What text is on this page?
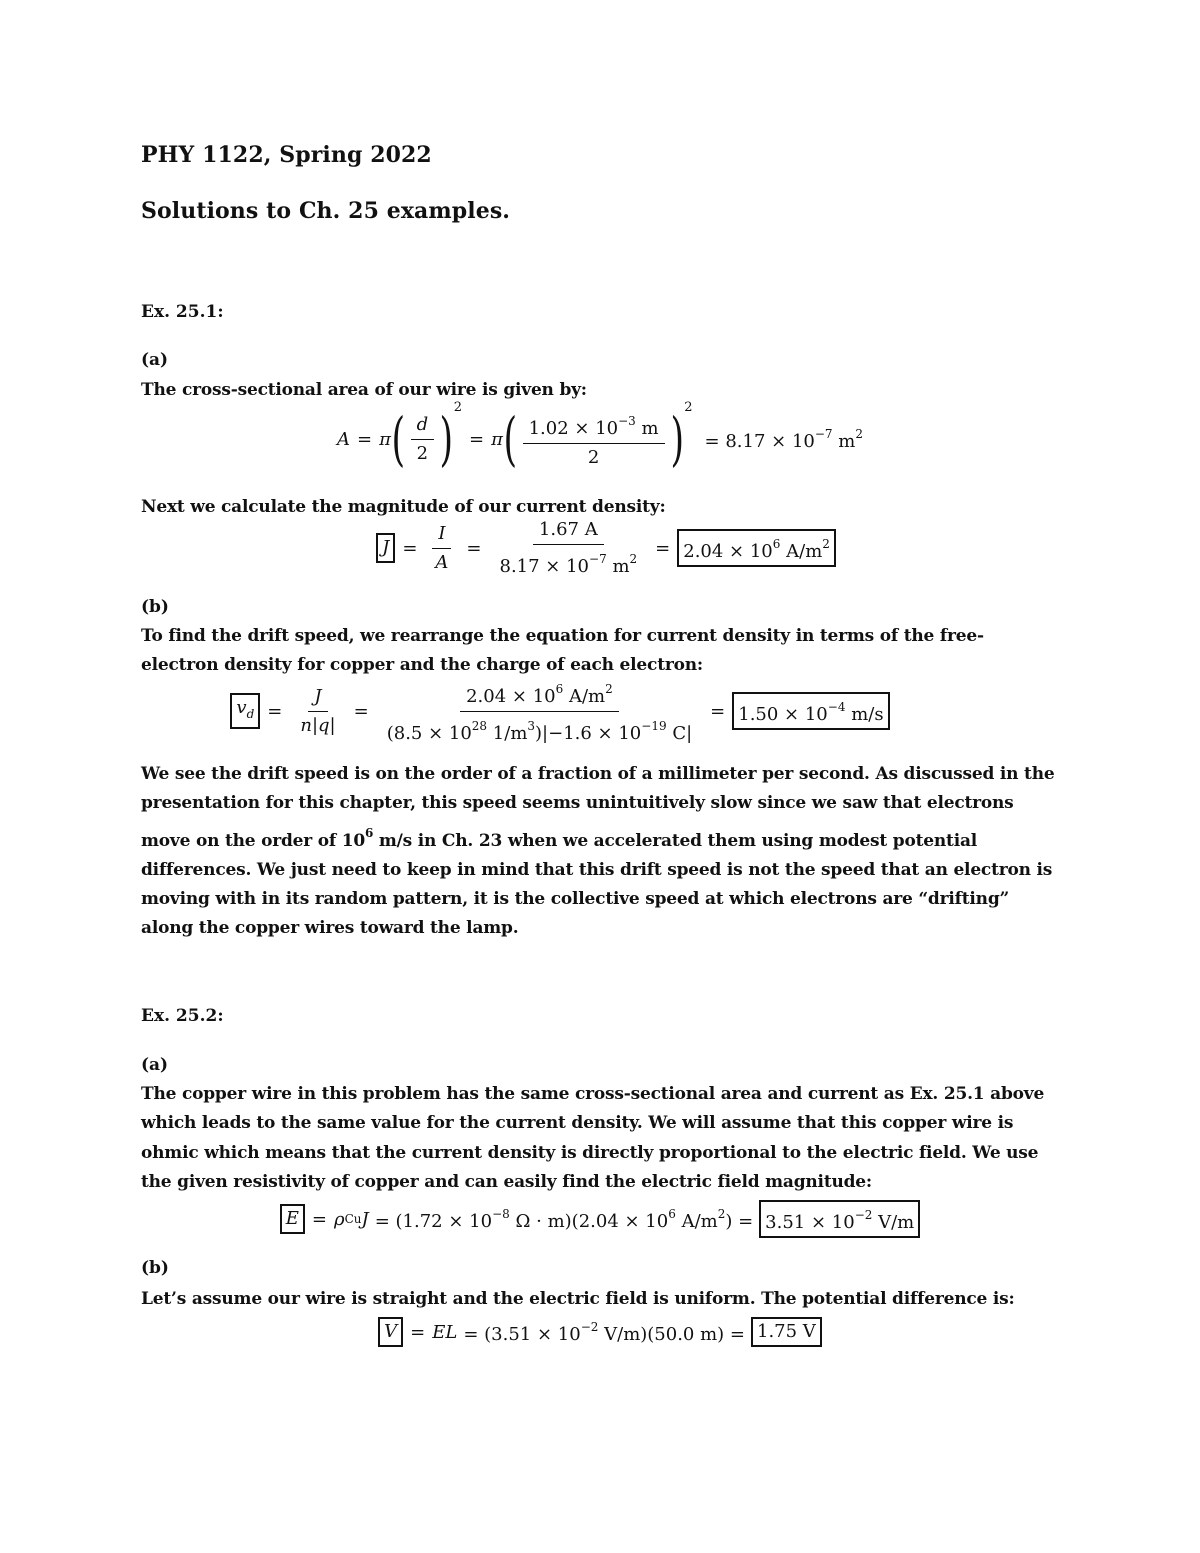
PHY 1122, Spring 2022
Solutions to Ch. 25 examples.
Ex. 25.1:
(a)
The cross-sectional area of our wire is given by:
A = π ( $\frac{d}{2}$ ) 2
= π ( $\frac{1.02 \times 10^{-3} m}{2}$ ) 2
= $8.17 \times 10^{-7}$ $m^2$
Next we calculate the magnitude of our current density:
$J = \frac{I}{A} = \frac{1.67 A}{8.17 \times 10^{-7} m^2} = 2.04 \times 10^6$ $A/m^2$
(b)
To find the drift speed, we rearrange the equation for current density in terms of the free-electron density for copper and the charge of each electron:
$v_d = \frac{J}{n|q|} = \frac{2.04 \times 10^6 A/m^2}{(8.5 \times 10^{28} 1/m^3)|-1.6 \times 10^{-19} C|} = 1.50 \times 10^{-4}$ m/s
We see the drift speed is on the order of a fraction of a millimeter per second. As discussed in the presentation for this chapter, this speed seems unintuitively slow since we saw that electrons move on the order of $10^6$ m/s in Ch. 23 when we accelerated them using modest potential differences. We just need to keep in mind that this drift speed is not the speed that an electron is moving with in its random pattern, it is the collective speed at which electrons are “drifting” along the copper wires toward the lamp.
Ex. 25.2:
(a)
The copper wire in this problem has the same cross-sectional area and current as Ex. 25.1 above which leads to the same value for the current density. We will assume that this copper wire is ohmic which means that the current density is directly proportional to the electric field. We use the given resistivity of copper and can easily find the electric field magnitude:
E = ρ Cu $J = (1.72 \times 10^{-8}$ $\Omega \cdot m)(2.04 \times 10^6$ $A/m^2) = 3.51 \times 10^{-2}$ V/m
(b)
Let’s assume our wire is straight and the electric field is uniform. The potential difference is:
V = EL = ($3.51 \times 10^{-2}$ V/m)(50.0 m) = 1.75 V
